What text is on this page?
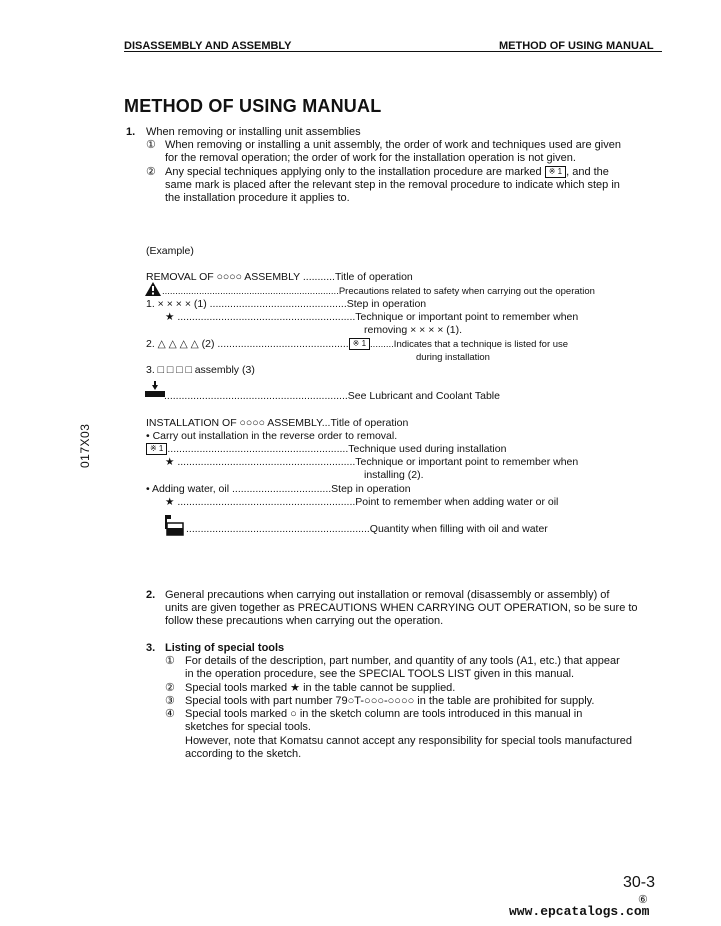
DISASSEMBLY AND ASSEMBLY	METHOD OF USING MANUAL
METHOD OF USING MANUAL
1. When removing or installing unit assemblies
① When removing or installing a unit assembly, the order of work and techniques used are given
for the removal operation; the order of work for the installation operation is not given.
② Any special techniques applying only to the installation procedure are marked ※ 1 , and the
same mark is placed after the relevant step in the removal procedure to indicate which step in
the installation procedure it applies to.
(Example)
REMOVAL OF ○○○○ ASSEMBLY ...........Title of operation
...................................................................Precautions related to safety when carrying out the operation
1. × × × × (1) ...............................................Step in operation
★ .............................................................Technique or important point to remember when
removing × × × × (1).
2. △ △ △ △ (2) ............................................. ※ 1 .........Indicates that a technique is listed for use
during installation
3. □ □ □ □ assembly (3)
...............................................................See Lubricant and Coolant Table
INSTALLATION OF ○○○○ ASSEMBLY...Title of operation
• Carry out installation in the reverse order to removal.
※ 1 ..............................................................Technique used during installation
★ .............................................................Technique or important point to remember when
installing (2).
• Adding water, oil ..................................Step in operation
★ .............................................................Point to remember when adding water or oil
...............................................................Quantity when filling with oil and water
2. General precautions when carrying out installation or removal (disassembly or assembly) of
units are given together as PRECAUTIONS WHEN CARRYING OUT OPERATION, so be sure to
follow these precautions when carrying out the operation.
3. Listing of special tools
① For details of the description, part number, and quantity of any tools (A1, etc.) that appear
in the operation procedure, see the SPECIAL TOOLS LIST given in this manual.
② Special tools marked ★ in the table cannot be supplied.
③ Special tools with part number 79○T-○○○-○○○○ in the table are prohibited for supply.
④ Special tools marked ○ in the sketch column are tools introduced in this manual in
sketches for special tools.
However, note that Komatsu cannot accept any responsibility for special tools manufactured
according to the sketch.
017X03
30-3
⑥
www.epcatalogs.com
